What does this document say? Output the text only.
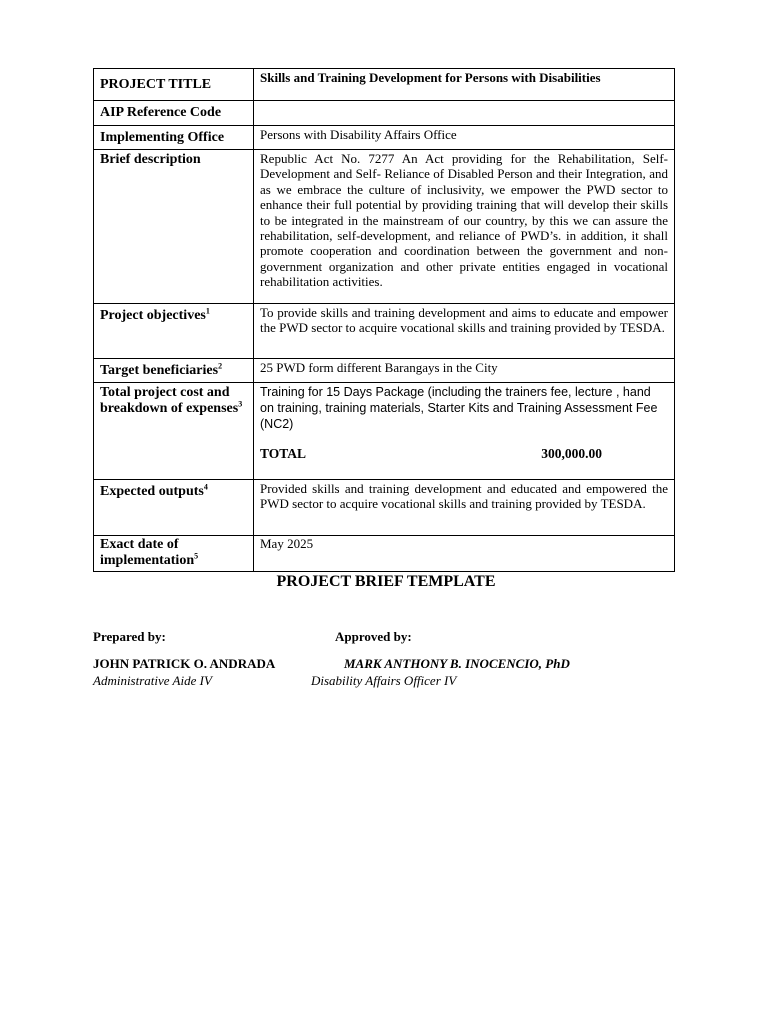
PROJECT TITLE	Skills and Training Development for Persons with Disabilities

AIP Reference Code	

Implementing Office	Persons with Disability Affairs Office

Brief description	Republic Act No. 7277 An Act providing for the Rehabilitation, Self-Development and Self- Reliance of Disabled Person and their Integration, and as we embrace the culture of inclusivity, we empower the PWD sector to enhance their full potential by providing training that will develop their skills to be integrated in the mainstream of our country, by this we can assure the rehabilitation, self-development, and reliance of PWD’s. in addition, it shall promote cooperation and coordination between the government and non-government organization and other private entities engaged in vocational rehabilitation activities.

Project objectives$^1$	To provide skills and training development and aims to educate and empower the PWD sector to acquire vocational skills and training provided by TESDA.

Target beneficiaries$^2$	25 PWD form different Barangays in the City

Total project cost and breakdown of expenses$^3$	Training for 15 Days Package (including the trainers fee, lecture , hand on training, training materials, Starter Kits and Training Assessment Fee (NC2)
TOTAL 300,000.00

Expected outputs$^4$	Provided skills and training development and educated and empowered the PWD sector to acquire vocational skills and training provided by TESDA.

Exact date of implementation$^5$	May 2025
PROJECT BRIEF TEMPLATE
Prepared by:	Approved by:
JOHN PATRICK O. ANDRADA	MARK ANTHONY B. INOCENCIO, PhD
Administrative Aide IV	Disability Affairs Officer IV
